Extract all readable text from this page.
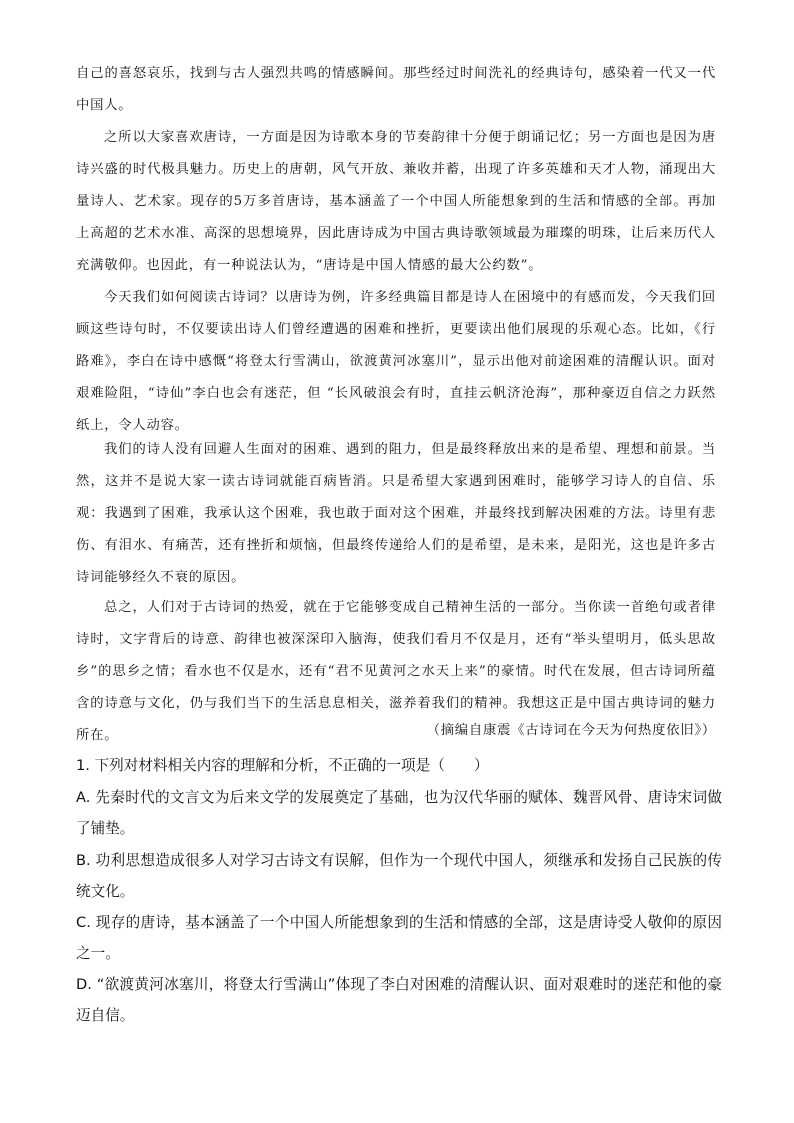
自己的喜怒哀乐，找到与古人强烈共鸣的情感瞬间。那些经过时间洗礼的经典诗句，感染着一代又一代中国人。

之所以大家喜欢唐诗，一方面是因为诗歌本身的节奏韵律十分便于朗诵记忆；另一方面也是因为唐诗兴盛的时代极具魅力。历史上的唐朝，风气开放、兼收并蓄，出现了许多英雄和天才人物，涌现出大量诗人、艺术家。现存的5万多首唐诗，基本涵盖了一个中国人所能想象到的生活和情感的全部。再加上高超的艺术水准、高深的思想境界，因此唐诗成为中国古典诗歌领域最为璀璨的明珠，让后来历代人充满敬仰。也因此，有一种说法认为，“唐诗是中国人情感的最大公约数”。

今天我们如何阅读古诗词？以唐诗为例，许多经典篇目都是诗人在困境中的有感而发，今天我们回顾这些诗句时，不仅要读出诗人们曾经遭遇的困难和挫折，更要读出他们展现的乐观心态。比如，《行路难》，李白在诗中感慨“将登太行雪满山，欲渡黄河冰塞川”，显示出他对前途困难的清醒认识。面对艰难险阻，“诗仙”李白也会有迷茫，但 “长风破浪会有时，直挂云帆济沧海”，那种豪迈自信之力跃然纸上，令人动容。

我们的诗人没有回避人生面对的困难、遇到的阻力，但是最终释放出来的是希望、理想和前景。当然，这并不是说大家一读古诗词就能百病皆消。只是希望大家遇到困难时，能够学习诗人的自信、乐观：我遇到了困难，我承认这个困难，我也敢于面对这个困难，并最终找到解决困难的方法。诗里有悲伤、有泪水、有痛苦，还有挫折和烦恼，但最终传递给人们的是希望，是未来，是阳光，这也是许多古诗词能够经久不衰的原因。

总之，人们对于古诗词的热爱，就在于它能够变成自己精神生活的一部分。当你读一首绝句或者律诗时，文字背后的诗意、韵律也被深深印入脑海，使我们看月不仅是月，还有“举头望明月，低头思故乡”的思乡之情；看水也不仅是水，还有“君不见黄河之水天上来”的豪情。时代在发展，但古诗词所蕴含的诗意与文化，仍与我们当下的生活息息相关，滋养着我们的精神。我想这正是中国古典诗词的魅力所在。	（摘编自康震《古诗词在今天为何热度依旧》）

1. 下列对材料相关内容的理解和分析，不正确的一项是（　　）

A. 先秦时代的文言文为后来文学的发展奠定了基础，也为汉代华丽的赋体、魏晋风骨、唐诗宋词做了铺垫。

B. 功利思想造成很多人对学习古诗文有误解，但作为一个现代中国人，须继承和发扬自己民族的传统文化。

C. 现存的唐诗，基本涵盖了一个中国人所能想象到的生活和情感的全部，这是唐诗受人敬仰的原因之一。

D. “欲渡黄河冰塞川，将登太行雪满山”体现了李白对困难的清醒认识、面对艰难时的迷茫和他的豪迈自信。
